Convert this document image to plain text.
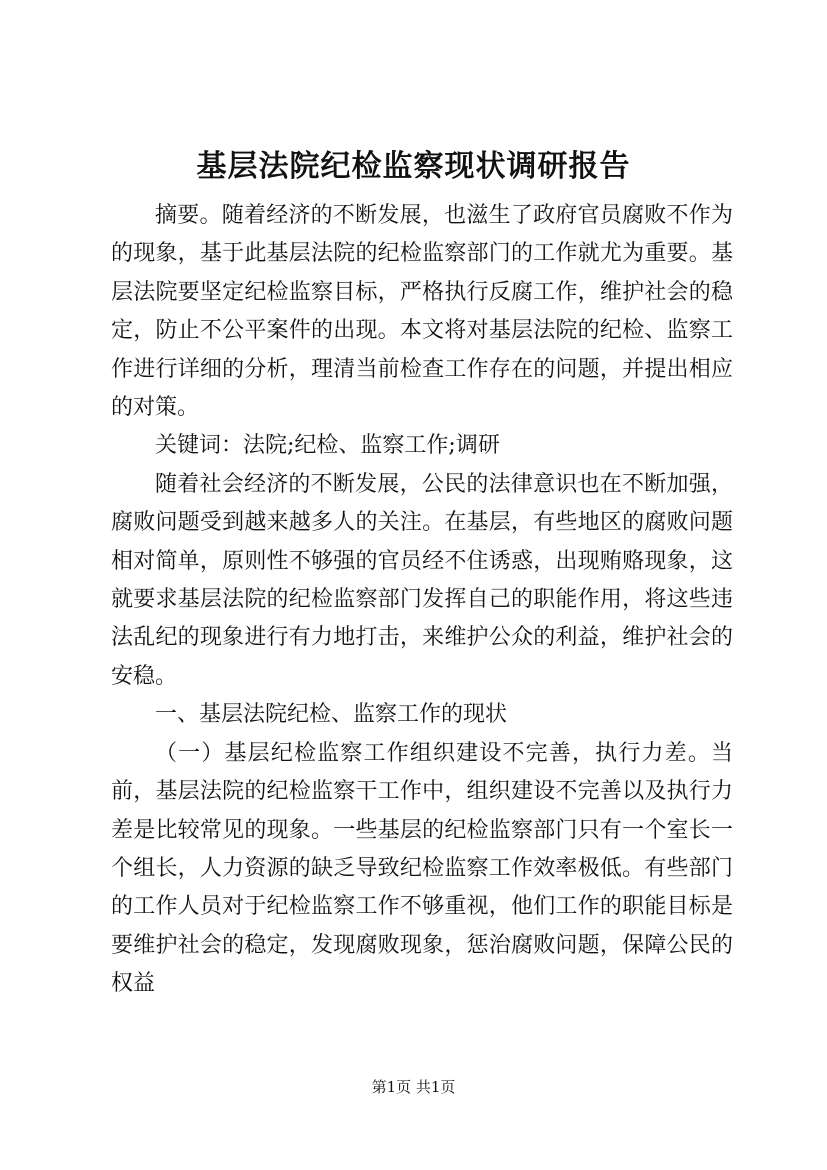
基层法院纪检监察现状调研报告

摘要。随着经济的不断发展，也滋生了政府官员腐败不作为的现象，基于此基层法院的纪检监察部门的工作就尤为重要。基层法院要坚定纪检监察目标，严格执行反腐工作，维护社会的稳定，防止不公平案件的出现。本文将对基层法院的纪检、监察工作进行详细的分析，理清当前检查工作存在的问题，并提出相应的对策。

关键词：法院;纪检、监察工作;调研

随着社会经济的不断发展，公民的法律意识也在不断加强，腐败问题受到越来越多人的关注。在基层，有些地区的腐败问题相对简单，原则性不够强的官员经不住诱惑，出现贿赂现象，这就要求基层法院的纪检监察部门发挥自己的职能作用，将这些违法乱纪的现象进行有力地打击，来维护公众的利益，维护社会的安稳。

一、基层法院纪检、监察工作的现状

（一）基层纪检监察工作组织建设不完善，执行力差。当前，基层法院的纪检监察干工作中，组织建设不完善以及执行力差是比较常见的现象。一些基层的纪检监察部门只有一个室长一个组长，人力资源的缺乏导致纪检监察工作效率极低。有些部门的工作人员对于纪检监察工作不够重视，他们工作的职能目标是要维护社会的稳定，发现腐败现象，惩治腐败问题，保障公民的权益

第1页 共1页
